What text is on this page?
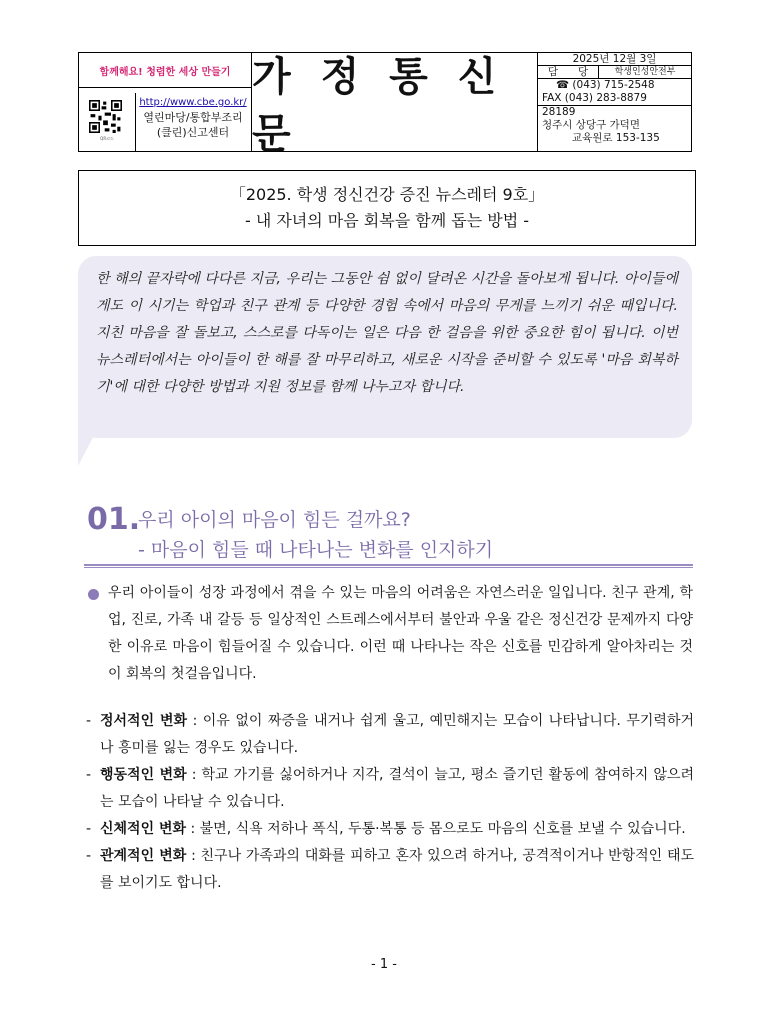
함께해요! 청렴한 세상 만들기
QR코드
http://www.cbe.go.kr/
열린마당/통합부조리
(클린)신고센터
가 정 통 신 문
2025년 12월 3일
담      당	학생인성안전부
☎ (043) 715-2548
FAX (043) 283-8879
28189
청주시 상당구 가덕면
교육원로 153-135
「2025. 학생 정신건강 증진 뉴스레터 9호」
- 내 자녀의 마음 회복을 함께 돕는 방법 -
한 해의 끝자락에 다다른 지금, 우리는 그동안 쉼 없이 달려온 시간을 돌아보게 됩니다. 아이들에게도 이 시기는 학업과 친구 관계 등 다양한 경험 속에서 마음의 무게를 느끼기 쉬운 때입니다. 지친 마음을 잘 돌보고, 스스로를 다독이는 일은 다음 한 걸음을 위한 중요한 힘이 됩니다. 이번 뉴스레터에서는 아이들이 한 해를 잘 마무리하고, 새로운 시작을 준비할 수 있도록 '마음 회복하기'에 대한 다양한 방법과 지원 정보를 함께 나누고자 합니다.
01.
우리 아이의 마음이 힘든 걸까요?
- 마음이 힘들 때 나타나는 변화를 인지하기
우리 아이들이 성장 과정에서 겪을 수 있는 마음의 어려움은 자연스러운 일입니다. 친구 관계, 학업, 진로, 가족 내 갈등 등 일상적인 스트레스에서부터 불안과 우울 같은 정신건강 문제까지 다양한 이유로 마음이 힘들어질 수 있습니다. 이런 때 나타나는 작은 신호를 민감하게 알아차리는 것이 회복의 첫걸음입니다.
- 정서적인 변화 : 이유 없이 짜증을 내거나 쉽게 울고, 예민해지는 모습이 나타납니다. 무기력하거나 흥미를 잃는 경우도 있습니다.
- 행동적인 변화 : 학교 가기를 싫어하거나 지각, 결석이 늘고, 평소 즐기던 활동에 참여하지 않으려는 모습이 나타날 수 있습니다.
- 신체적인 변화 : 불면, 식욕 저하나 폭식, 두통·복통 등 몸으로도 마음의 신호를 보낼 수 있습니다.
- 관계적인 변화 : 친구나 가족과의 대화를 피하고 혼자 있으려 하거나, 공격적이거나 반항적인 태도를 보이기도 합니다.
- 1 -
